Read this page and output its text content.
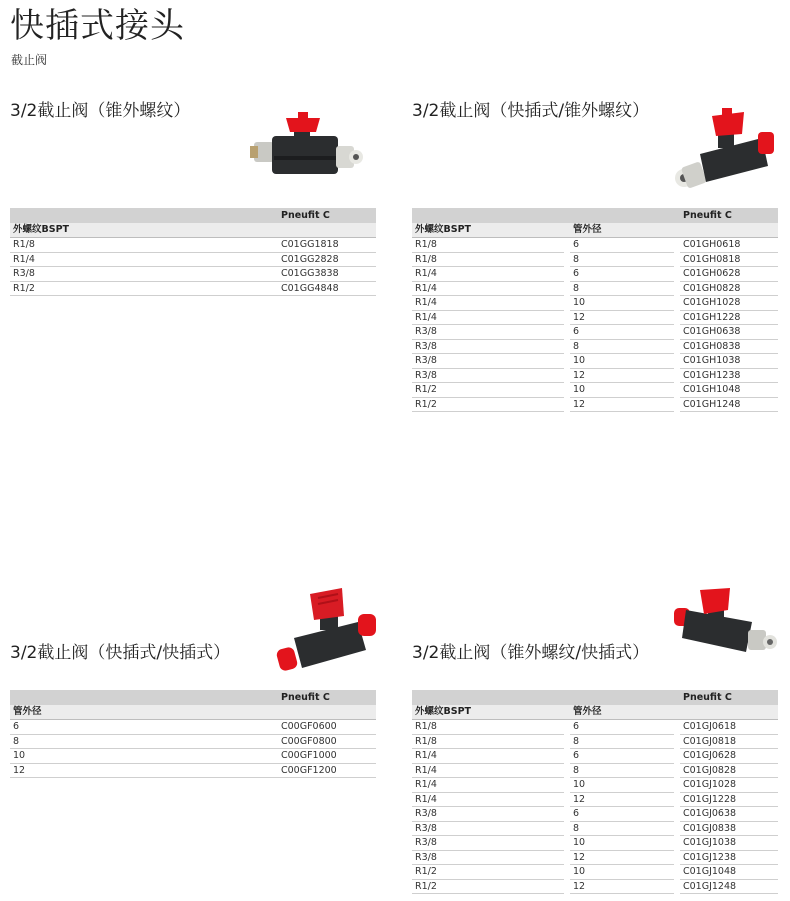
快插式接头
截止阀
3/2截止阀（锥外螺纹）
	Pneufit C
外螺纹BSPT	
R1/8	C01GG1818
R1/4	C01GG2828
R3/8	C01GG3838
R1/2	C01GG4848
3/2截止阀（快插式/锥外螺纹）
				Pneufit C
外螺纹BSPT		管外径		
R1/8		6		C01GH0618
R1/8		8		C01GH0818
R1/4		6		C01GH0628
R1/4		8		C01GH0828
R1/4		10		C01GH1028
R1/4		12		C01GH1228
R3/8		6		C01GH0638
R3/8		8		C01GH0838
R3/8		10		C01GH1038
R3/8		12		C01GH1238
R1/2		10		C01GH1048
R1/2		12		C01GH1248
3/2截止阀（快插式/快插式）
	Pneufit C
管外径	
6	C00GF0600
8	C00GF0800
10	C00GF1000
12	C00GF1200
3/2截止阀（锥外螺纹/快插式）
				Pneufit C
外螺纹BSPT		管外径		
R1/8		6		C01GJ0618
R1/8		8		C01GJ0818
R1/4		6		C01GJ0628
R1/4		8		C01GJ0828
R1/4		10		C01GJ1028
R1/4		12		C01GJ1228
R3/8		6		C01GJ0638
R3/8		8		C01GJ0838
R3/8		10		C01GJ1038
R3/8		12		C01GJ1238
R1/2		10		C01GJ1048
R1/2		12		C01GJ1248
